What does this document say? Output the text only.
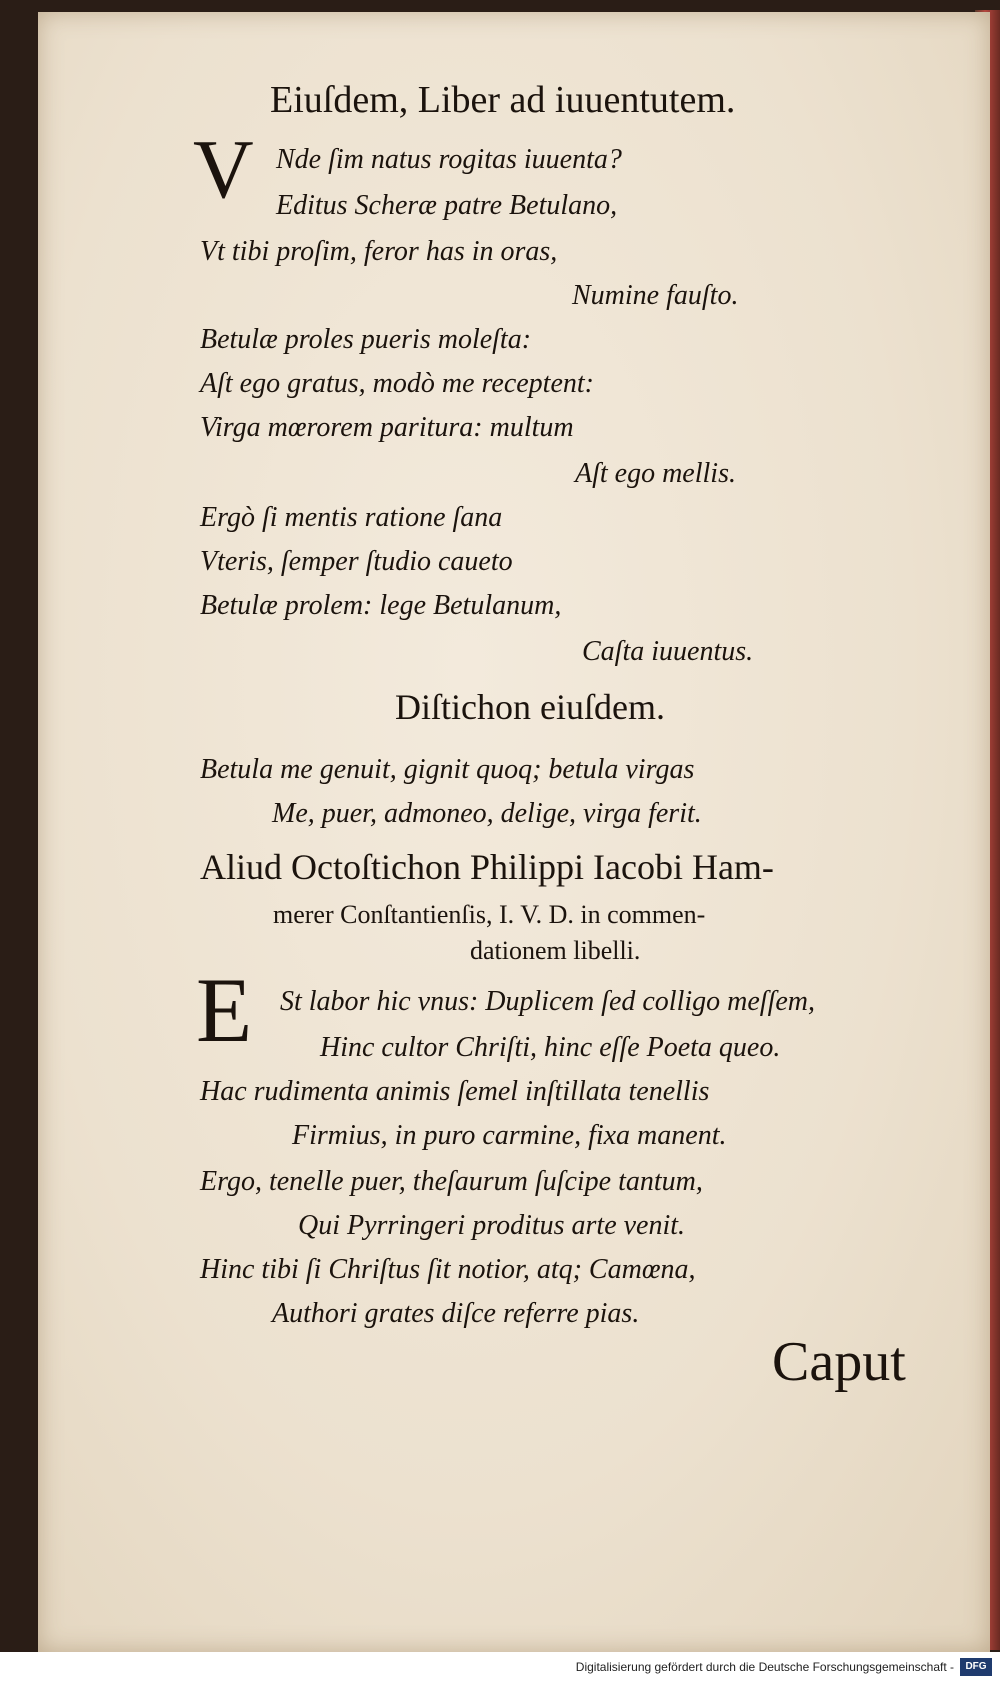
Eiuſdem, Liber ad iuuentutem.
V Nde ſim natus rogitas iuuenta?
Editus Scheræ patre Betulano,
Vt tibi proſim, feror has in oras,
Numine fauſto.
Betulæ proles pueris moleſta:
Aſt ego gratus, modò me receptent:
Virga mœrorem paritura: multum
Aſt ego mellis.
Ergò ſi mentis ratione ſana
Vteris, ſemper ſtudio caueto
Betulæ prolem: lege Betulanum,
Caſta iuuentus.
Diſtichon eiuſdem.
Betula me genuit, gignit quoq; betula virgas
Me, puer, admoneo, delige, virga ferit.
Aliud Octoſtichon Philippi Iacobi Ham-
merer Conſtantienſis, I. V. D. in commen-
dationem libelli.
E St labor hic vnus: Duplicem ſed colligo meſſem,
Hinc cultor Chriſti, hinc eſſe Poeta queo.
Hac rudimenta animis ſemel inſtillata tenellis
Firmius, in puro carmine, fixa manent.
Ergo, tenelle puer, theſaurum ſuſcipe tantum,
Qui Pyrringeri proditus arte venit.
Hinc tibi ſi Chriſtus ſit notior, atq; Camœna,
Authori grates diſce referre pias.
Caput
Digitalisierung gefördert durch die Deutsche Forschungsgemeinschaft -	DFG
